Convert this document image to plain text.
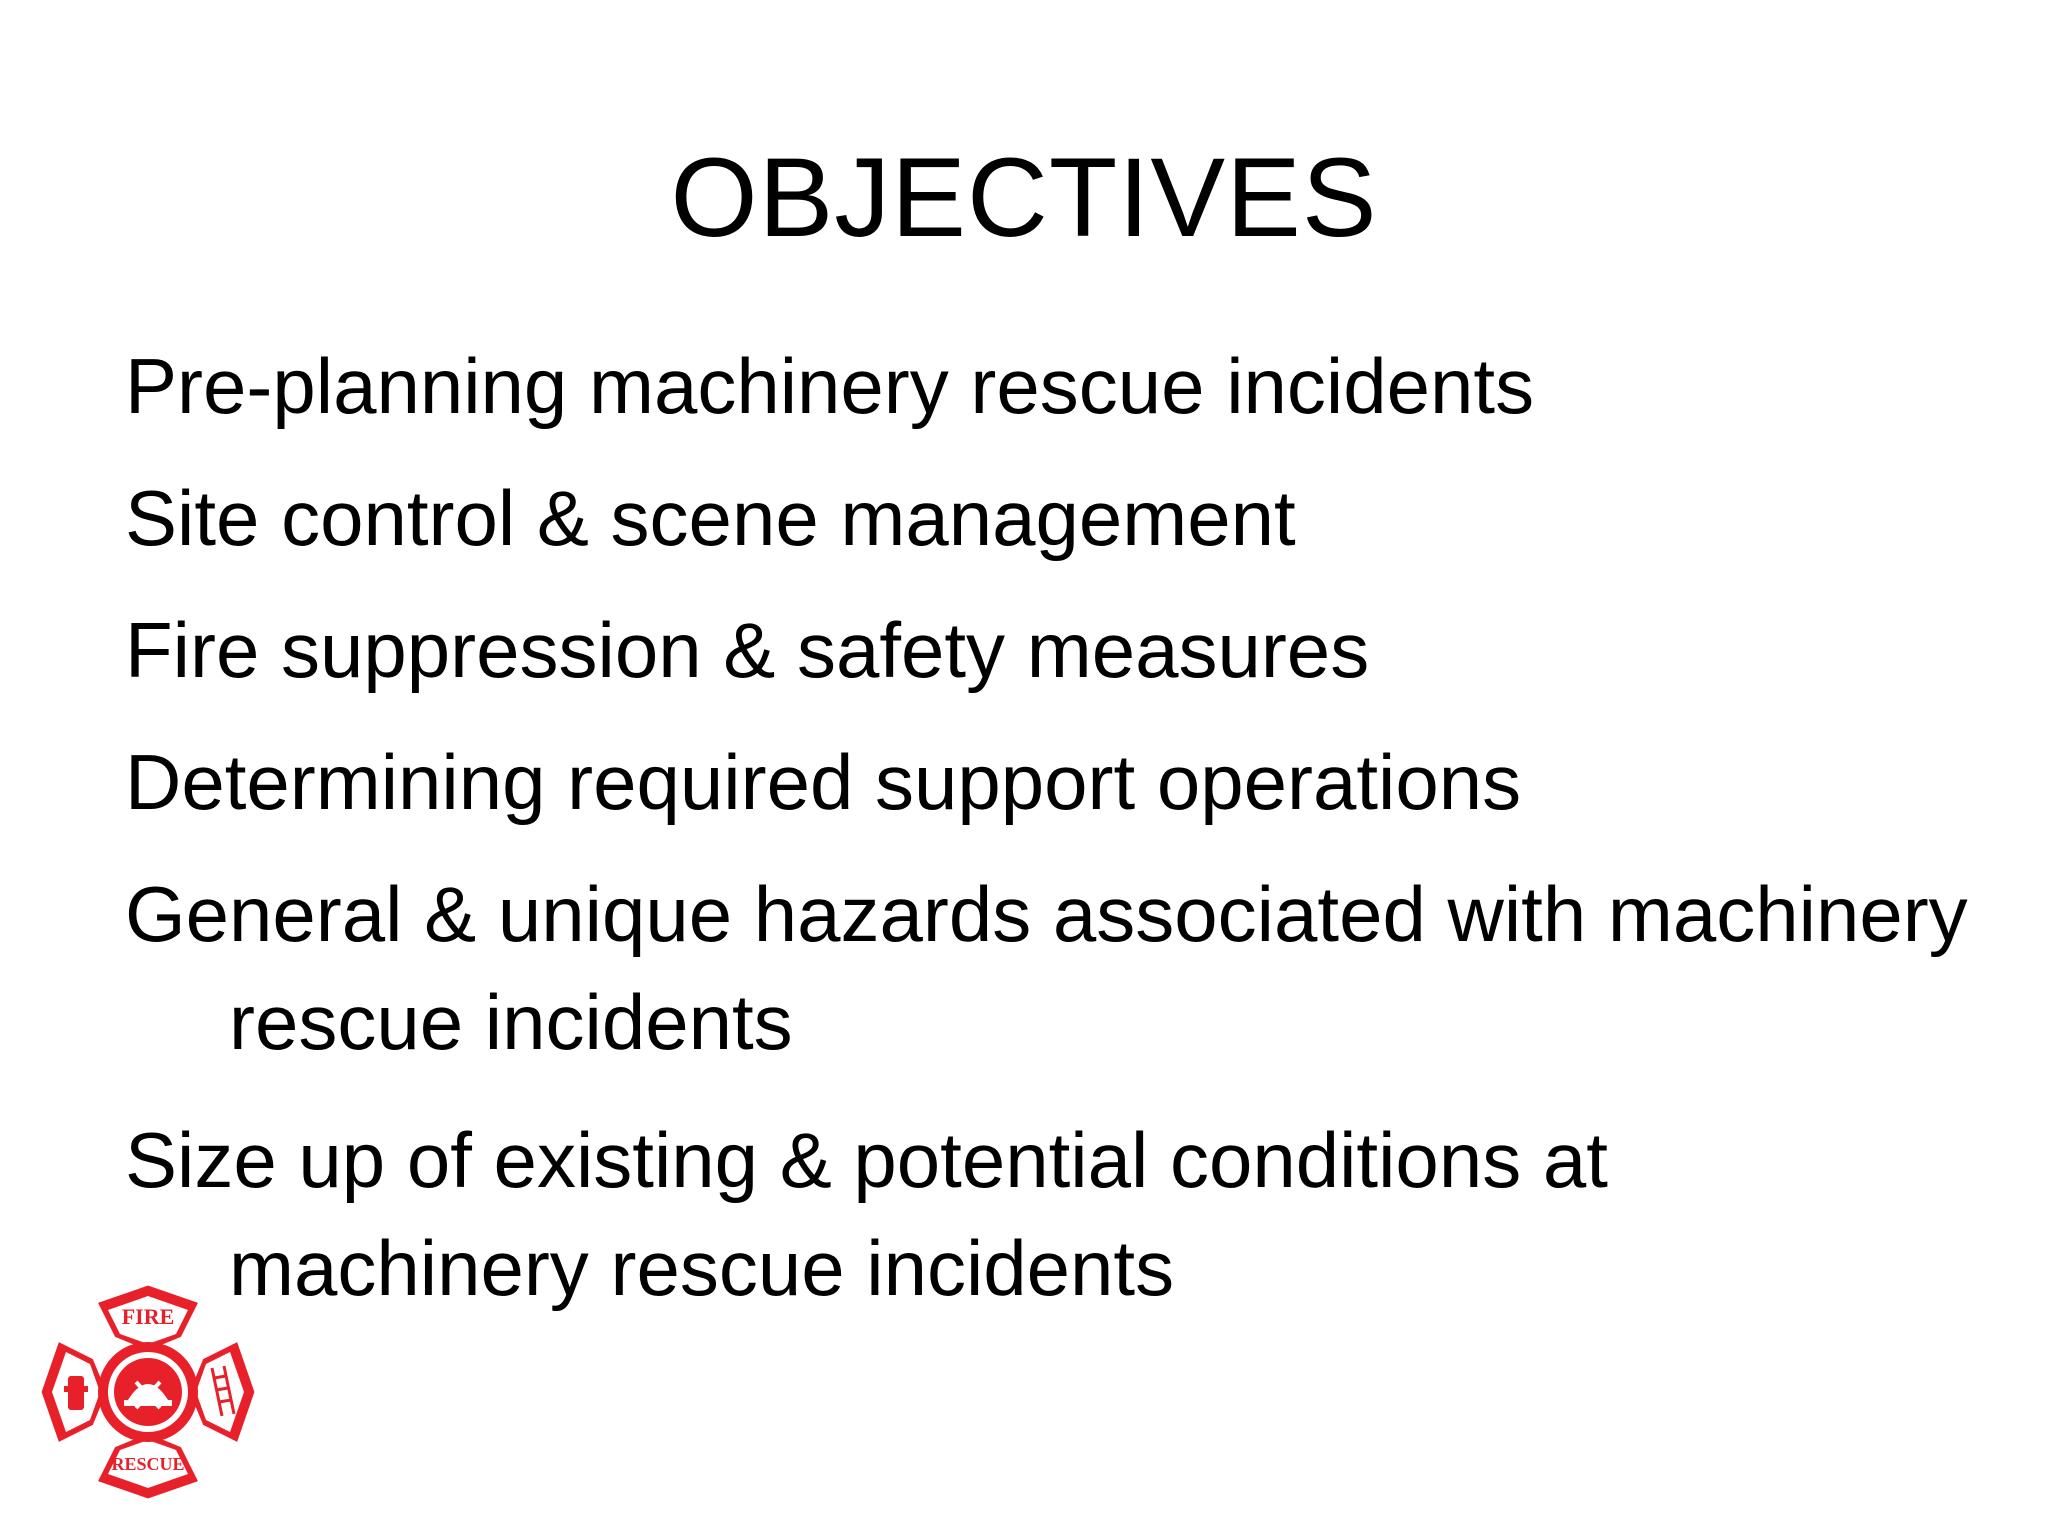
OBJECTIVES
Pre-planning machinery rescue incidents
Site control & scene management
Fire suppression & safety measures
Determining required support operations
General & unique hazards associated with machinery rescue incidents
Size up of existing & potential conditions at machinery rescue incidents
FIRE
RESCUE
